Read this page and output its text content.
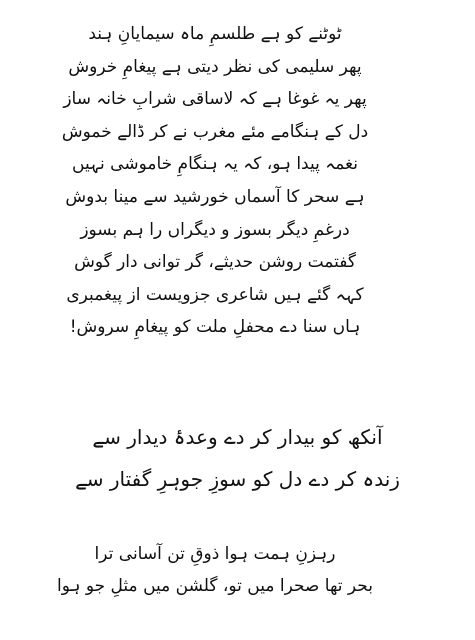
ٹوٹنے کو ہے طلسمِ ماہ سیمایانِ ہند
پھر سلیمی کی نظر دیتی ہے پیغامِ خروش
پھر یہ غوغا ہے کہ لاساقی شرابِ خانہ ساز
دل کے ہنگامے مئے مغرب نے کر ڈالے خموش
نغمہ پیدا ہو، کہ یہ ہنگامِ خاموشی نہیں
ہے سحر کا آسماں خورشید سے مینا بدوش
درغمِ دیگر بسوز و دیگراں را ہم بسوز
گفتمت روشن حدیثے، گر توانی دار گوش
کہہ گئے ہیں شاعری جزویست از پیغمبری
ہاں سنا دے محفلِ ملت کو پیغامِ سروش!
آنکھ کو بیدار کر دے وعدۂ دیدار سے
زندہ کر دے دل کو سوزِ جوہرِ گفتار سے
رہزنِ ہمت ہوا ذوقِ تن آسانی ترا
بحر تھا صحرا میں تو، گلشن میں مثلِ جو ہوا
